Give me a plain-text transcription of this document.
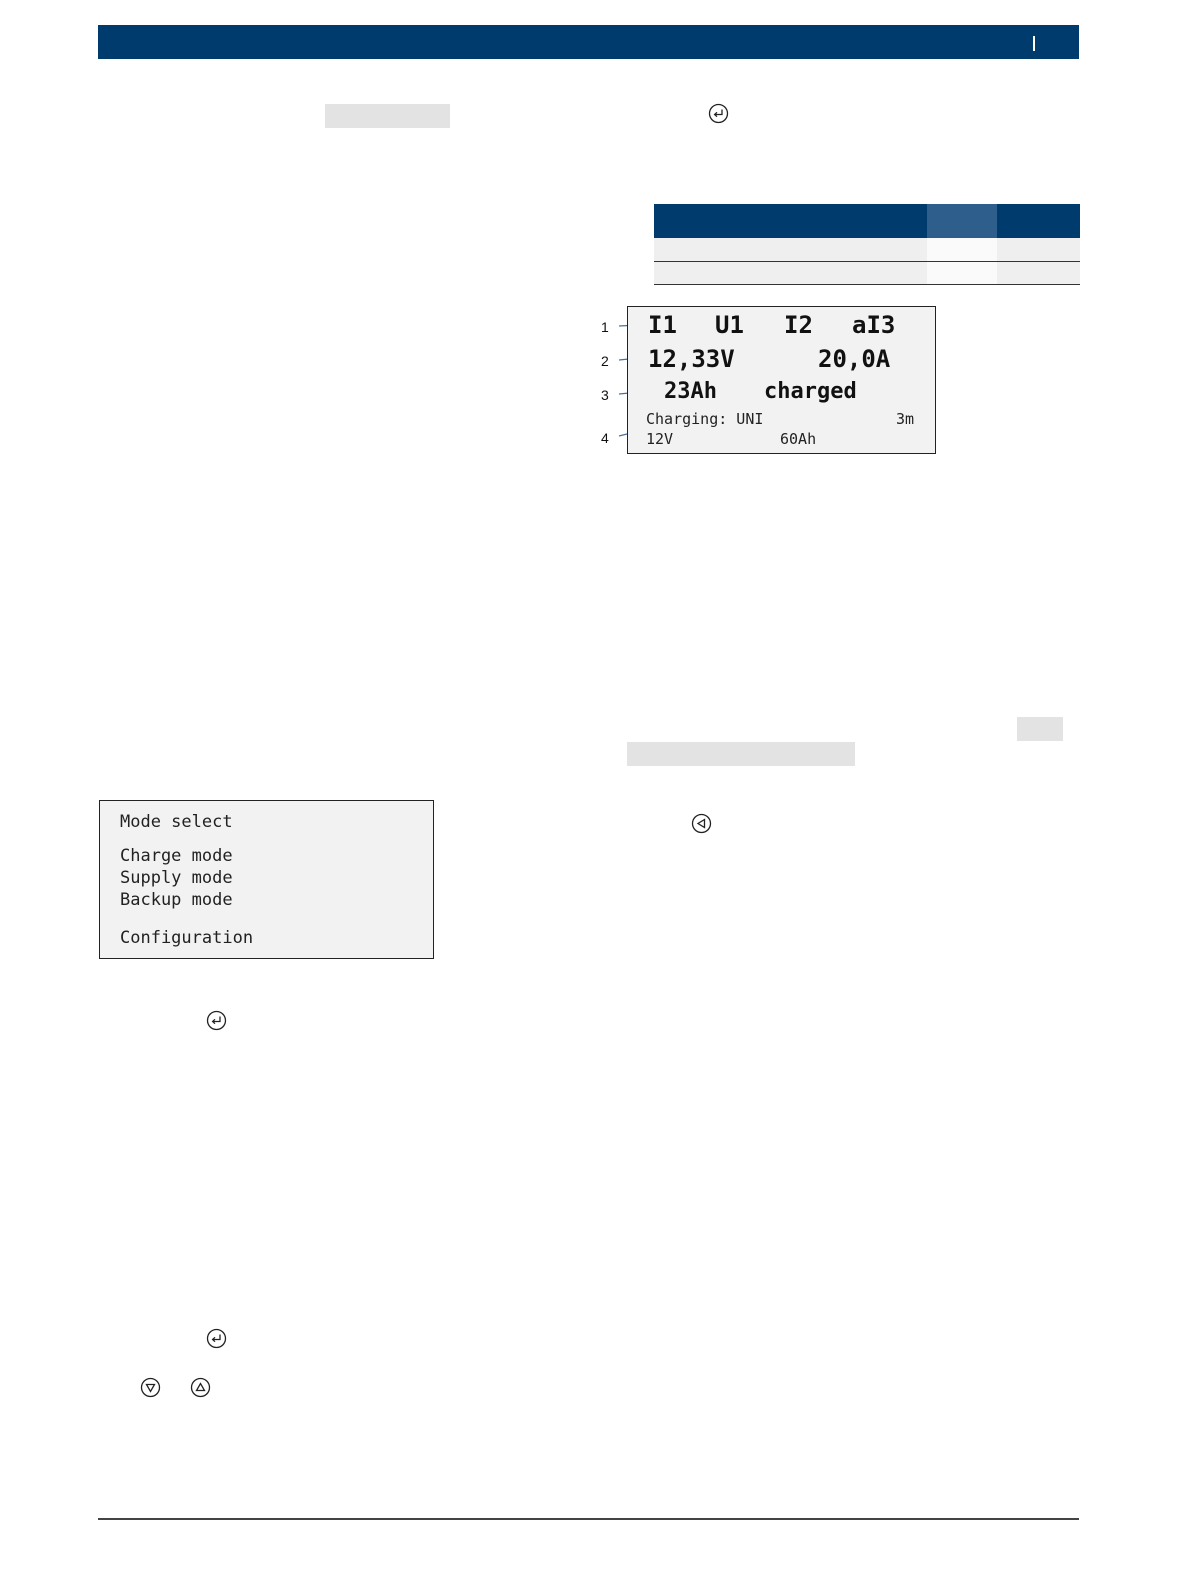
1
2
3
4
I1 U1 I2 aI3
12,33V	20,0A
23Ah charged
Charging: UNI	3m
12V	60Ah
Mode select
Charge mode
Supply mode
Backup mode
Configuration
